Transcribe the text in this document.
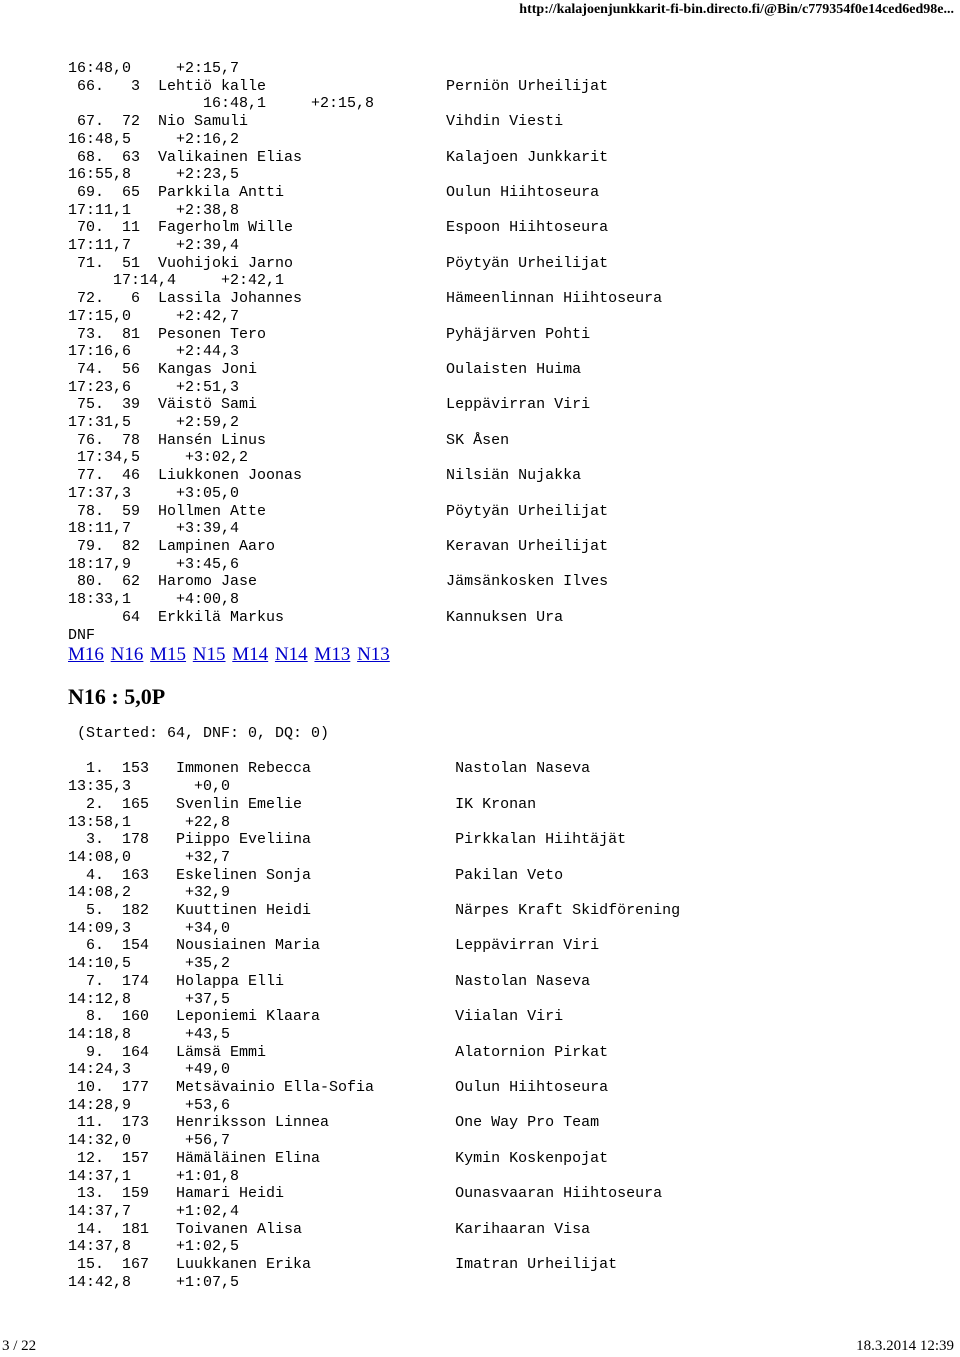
http://kalajoenjunkkarit-fi-bin.directo.fi/@Bin/c779354f0e14ced6ed98e...
16:48,0     +2:15,7
66.   3  Lehtiö kalle                    Perniön Urheilijat
16:48,1     +2:15,8
67.  72  Nio Samuli                      Vihdin Viesti
16:48,5     +2:16,2
68.  63  Valikainen Elias                Kalajoen Junkkarit
16:55,8     +2:23,5
69.  65  Parkkila Antti                  Oulun Hiihtoseura
17:11,1     +2:38,8
70.  11  Fagerholm Wille                 Espoon Hiihtoseura
17:11,7     +2:39,4
71.  51  Vuohijoki Jarno                 Pöytyän Urheilijat
17:14,4     +2:42,1
72.   6  Lassila Johannes                Hämeenlinnan Hiihtoseura
17:15,0     +2:42,7
73.  81  Pesonen Tero                    Pyhäjärven Pohti
17:16,6     +2:44,3
74.  56  Kangas Joni                     Oulaisten Huima
17:23,6     +2:51,3
75.  39  Väistö Sami                     Leppävirran Viri
17:31,5     +2:59,2
76.  78  Hansén Linus                    SK Åsen
17:34,5     +3:02,2
77.  46  Liukkonen Joonas                Nilsiän Nujakka
17:37,3     +3:05,0
78.  59  Hollmen Atte                    Pöytyän Urheilijat
18:11,7     +3:39,4
79.  82  Lampinen Aaro                   Keravan Urheilijat
18:17,9     +3:45,6
80.  62  Haromo Jase                     Jämsänkosken Ilves
18:33,1     +4:00,8
64  Erkkilä Markus                  Kannuksen Ura
DNF
M16 N16 M15 N15 M14 N14 M13 N13
N16 : 5,0P
(Started: 64, DNF: 0, DQ: 0)

1.  153   Immonen Rebecca                Nastolan Naseva
13:35,3       +0,0
2.  165   Svenlin Emelie                 IK Kronan
13:58,1      +22,8
3.  178   Piippo Eveliina                Pirkkalan Hiihtäjät
14:08,0      +32,7
4.  163   Eskelinen Sonja                Pakilan Veto
14:08,2      +32,9
5.  182   Kuuttinen Heidi                Närpes Kraft Skidförening
14:09,3      +34,0
6.  154   Nousiainen Maria               Leppävirran Viri
14:10,5      +35,2
7.  174   Holappa Elli                   Nastolan Naseva
14:12,8      +37,5
8.  160   Leponiemi Klaara               Viialan Viri
14:18,8      +43,5
9.  164   Lämsä Emmi                     Alatornion Pirkat
14:24,3      +49,0
10.  177   Metsävainio Ella-Sofia         Oulun Hiihtoseura
14:28,9      +53,6
11.  173   Henriksson Linnea              One Way Pro Team
14:32,0      +56,7
12.  157   Hämäläinen Elina               Kymin Koskenpojat
14:37,1     +1:01,8
13.  159   Hamari Heidi                   Ounasvaaran Hiihtoseura
14:37,7     +1:02,4
14.  181   Toivanen Alisa                 Karihaaran Visa
14:37,8     +1:02,5
15.  167   Luukkanen Erika                Imatran Urheilijat
14:42,8     +1:07,5
3 / 22	18.3.2014 12:39
